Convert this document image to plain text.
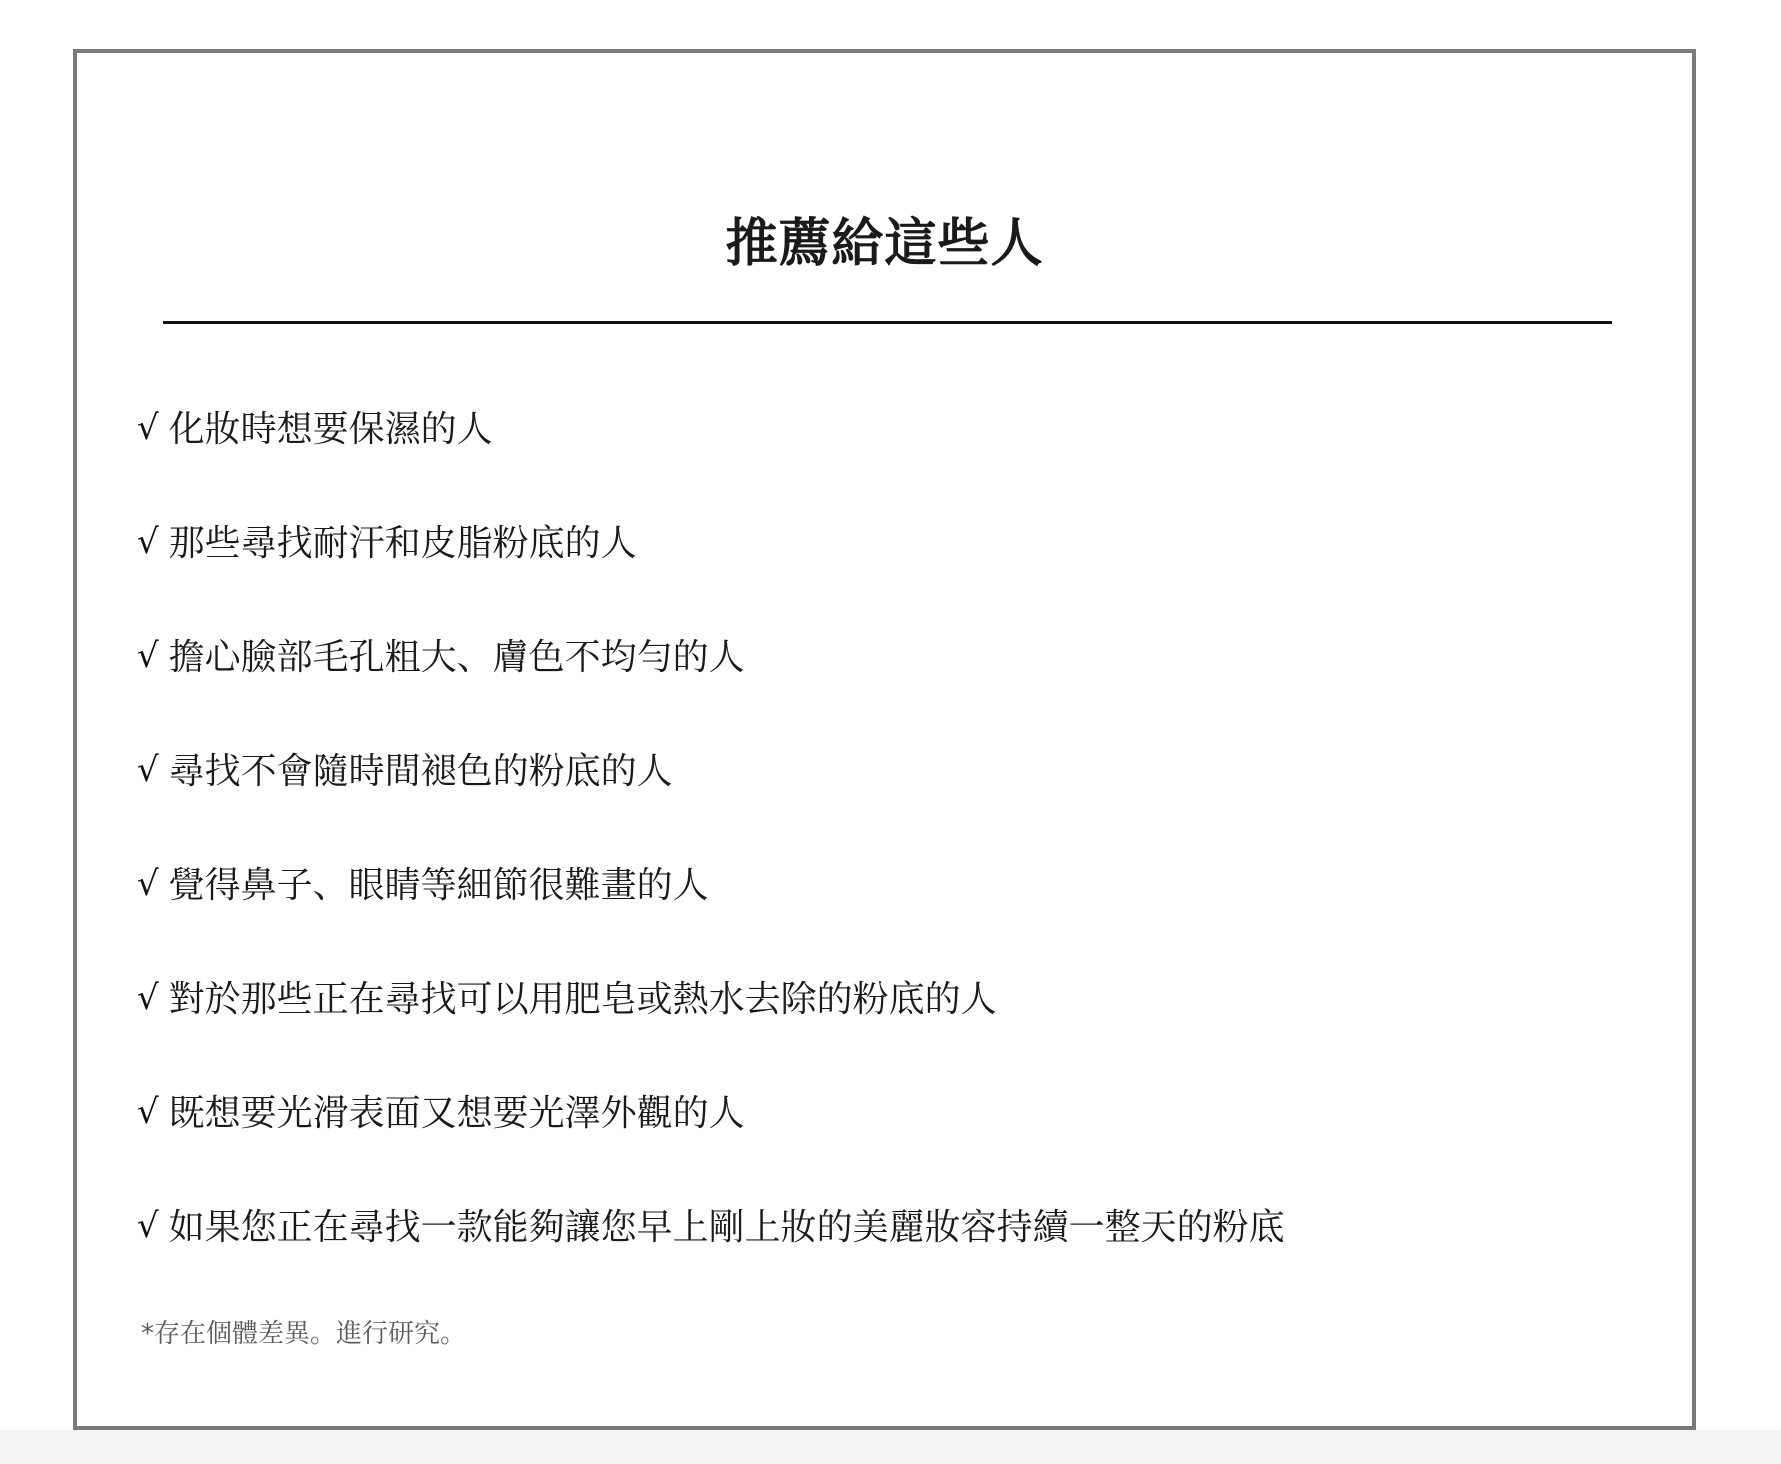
推薦給這些人
√ 化妝時想要保濕的人
√ 那些尋找耐汗和皮脂粉底的人
√ 擔心臉部毛孔粗大、膚色不均勻的人
√ 尋找不會隨時間褪色的粉底的人
√ 覺得鼻子、眼睛等細節很難畫的人
√ 對於那些正在尋找可以用肥皂或熱水去除的粉底的人
√ 既想要光滑表面又想要光澤外觀的人
√ 如果您正在尋找一款能夠讓您早上剛上妝的美麗妝容持續一整天的粉底
*存在個體差異。進行研究。
